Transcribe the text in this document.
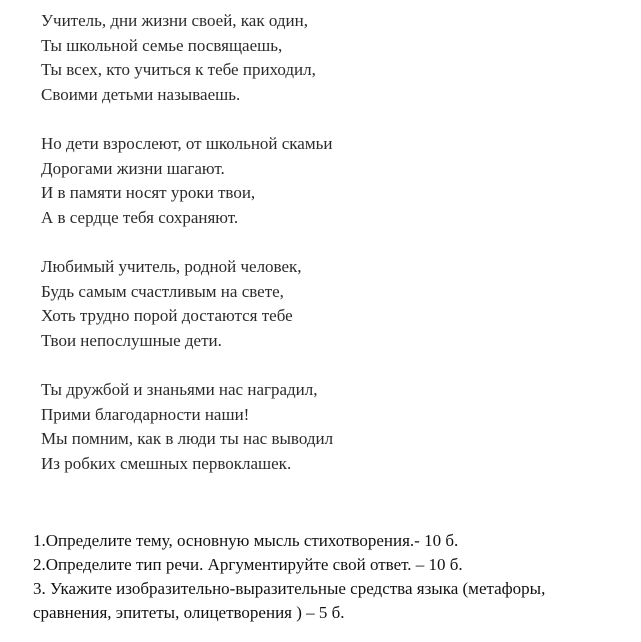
Учитель, дни жизни своей, как один,
Ты школьной семье посвящаешь,
Ты всех, кто учиться к тебе приходил,
Своими детьми называешь.
Но дети взрослеют, от школьной скамьи
Дорогами жизни шагают.
И в памяти носят уроки твои,
А в сердце тебя сохраняют.
Любимый учитель, родной человек,
Будь самым счастливым на свете,
Хоть трудно порой достаются тебе
Твои непослушные дети.
Ты дружбой и знаньями нас наградил,
Прими благодарности наши!
Мы помним, как в люди ты нас выводил
Из робких смешных первоклашек.
1.Определите тему, основную мысль стихотворения.- 10 б.
2.Определите тип речи. Аргументируйте свой ответ. – 10 б.
3. Укажите изобразительно-выразительные средства языка (метафоры,
сравнения, эпитеты, олицетворения ) – 5 б.
